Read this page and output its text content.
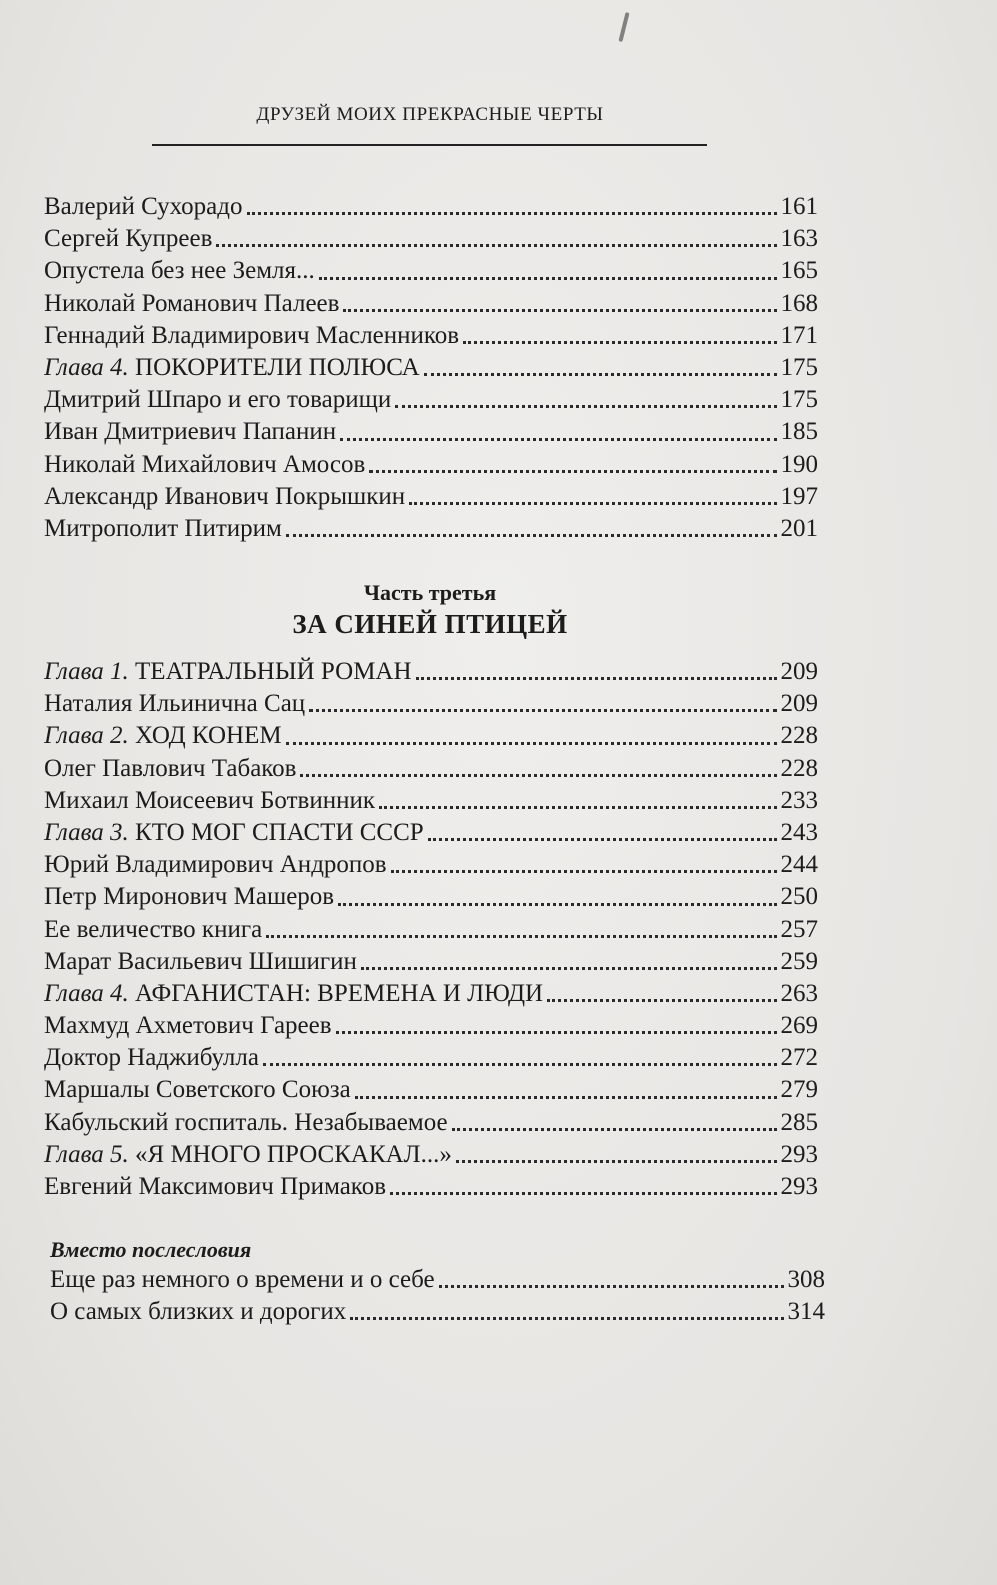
ДРУЗЕЙ МОИХ ПРЕКРАСНЫЕ ЧЕРТЫ
Валерий Сухорадо	161
Сергей Купреев	163
Опустела без нее Земля...	165
Николай Романович Палеев	168
Геннадий Владимирович Масленников	171
Глава 4. ПОКОРИТЕЛИ ПОЛЮСА	175
Дмитрий Шпаро и его товарищи	175
Иван Дмитриевич Папанин	185
Николай Михайлович Амосов	190
Александр Иванович Покрышкин	197
Митрополит Питирим	201
Часть третья
ЗА СИНЕЙ ПТИЦЕЙ
Глава 1. ТЕАТРАЛЬНЫЙ РОМАН	209
Наталия Ильинична Сац	209
Глава 2. ХОД КОНЕМ	228
Олег Павлович Табаков	228
Михаил Моисеевич Ботвинник	233
Глава 3. КТО МОГ СПАСТИ СССР	243
Юрий Владимирович Андропов	244
Петр Миронович Машеров	250
Ее величество книга	257
Марат Васильевич Шишигин	259
Глава 4. АФГАНИСТАН: ВРЕМЕНА И ЛЮДИ	263
Махмуд Ахметович Гареев	269
Доктор Наджибулла	272
Маршалы Советского Союза	279
Кабульский госпиталь. Незабываемое	285
Глава 5. «Я МНОГО ПРОСКАКАЛ...»	293
Евгений Максимович Примаков	293
Вместо послесловия
Еще раз немного о времени и о себе	308
О самых близких и дорогих	314
